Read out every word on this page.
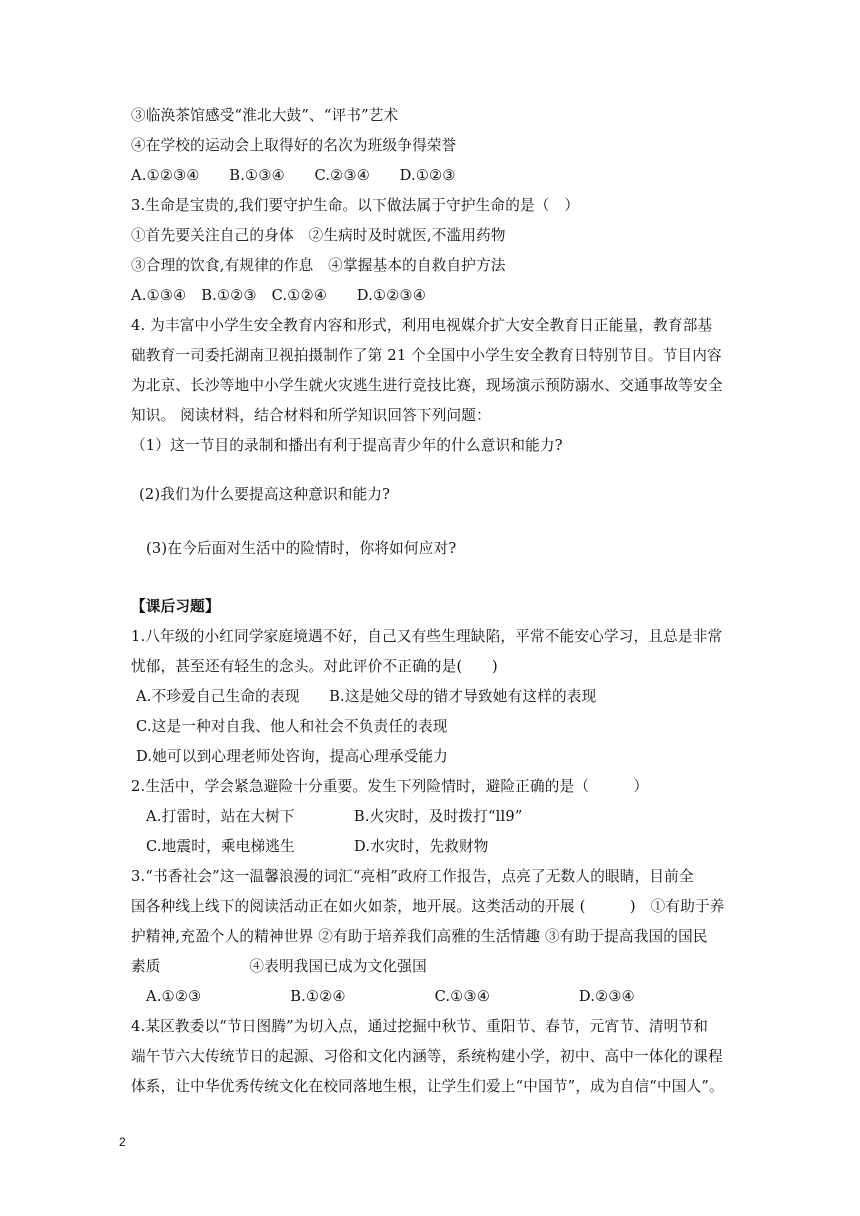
③临涣茶馆感受“淮北大鼓”、“评书”艺术
④在学校的运动会上取得好的名次为班级争得荣誉
A.①②③④　　B.①③④　　C.②③④　　D.①②③
3.生命是宝贵的,我们要守护生命。以下做法属于守护生命的是（　）
①首先要关注自己的身体　②生病时及时就医,不滥用药物
③合理的饮食,有规律的作息　④掌握基本的自救自护方法
A.①③④　B.①②③　C.①②④　　D.①②③④
4. 为丰富中小学生安全教育内容和形式，利用电视媒介扩大安全教育日正能量，教育部基
础教育一司委托湖南卫视拍摄制作了第 21 个全国中小学生安全教育日特别节目。节目内容
为北京、长沙等地中小学生就火灾逃生进行竞技比赛，现场演示预防溺水、交通事故等安全
知识。 阅读材料，结合材料和所学知识回答下列问题：
（1）这一节目的录制和播出有利于提高青少年的什么意识和能力?
(2)我们为什么要提高这种意识和能力?
(3)在今后面对生活中的险情时，你将如何应对?
【课后习题】
1.八年级的小红同学家庭境遇不好，自己又有些生理缺陷，平常不能安心学习，且总是非常
忧郁，甚至还有轻生的念头。对此评价不正确的是(　　)
A.不珍爱自己生命的表现　　B.这是她父母的错才导致她有这样的表现
C.这是一种对自我、他人和社会不负责任的表现
D.她可以到心理老师处咨询，提高心理承受能力
2.生活中，学会紧急避险十分重要。发生下列险情时，避险正确的是（　　　）
A.打雷时，站在大树下　　　　B.火灾时，及时拨打“ll9”
C.地震时，乘电梯逃生　　　　D.水灾时，先救财物
3.“书香社会”这一温馨浪漫的词汇“亮相”政府工作报告，点亮了无数人的眼睛，目前全
国各种线上线下的阅读活动正在如火如荼，地开展。这类活动的开展 (　　　)　①有助于养
护精神,充盈个人的精神世界 ②有助于培养我们高雅的生活情趣 ③有助于提高我国的国民
素质　　　　　　④表明我国已成为文化强国
A.①②③　　　　　　B.①②④　　　　　　C.①③④　　　　　　D.②③④
4.某区教委以“节日图腾”为切入点，通过挖掘中秋节、重阳节、春节，元宵节、清明节和
端午节六大传统节日的起源、习俗和文化内涵等，系统构建小学，初中、高中一体化的课程
体系，让中华优秀传统文化在校同落地生根，让学生们爱上“中国节”，成为自信“中国人”。
2
